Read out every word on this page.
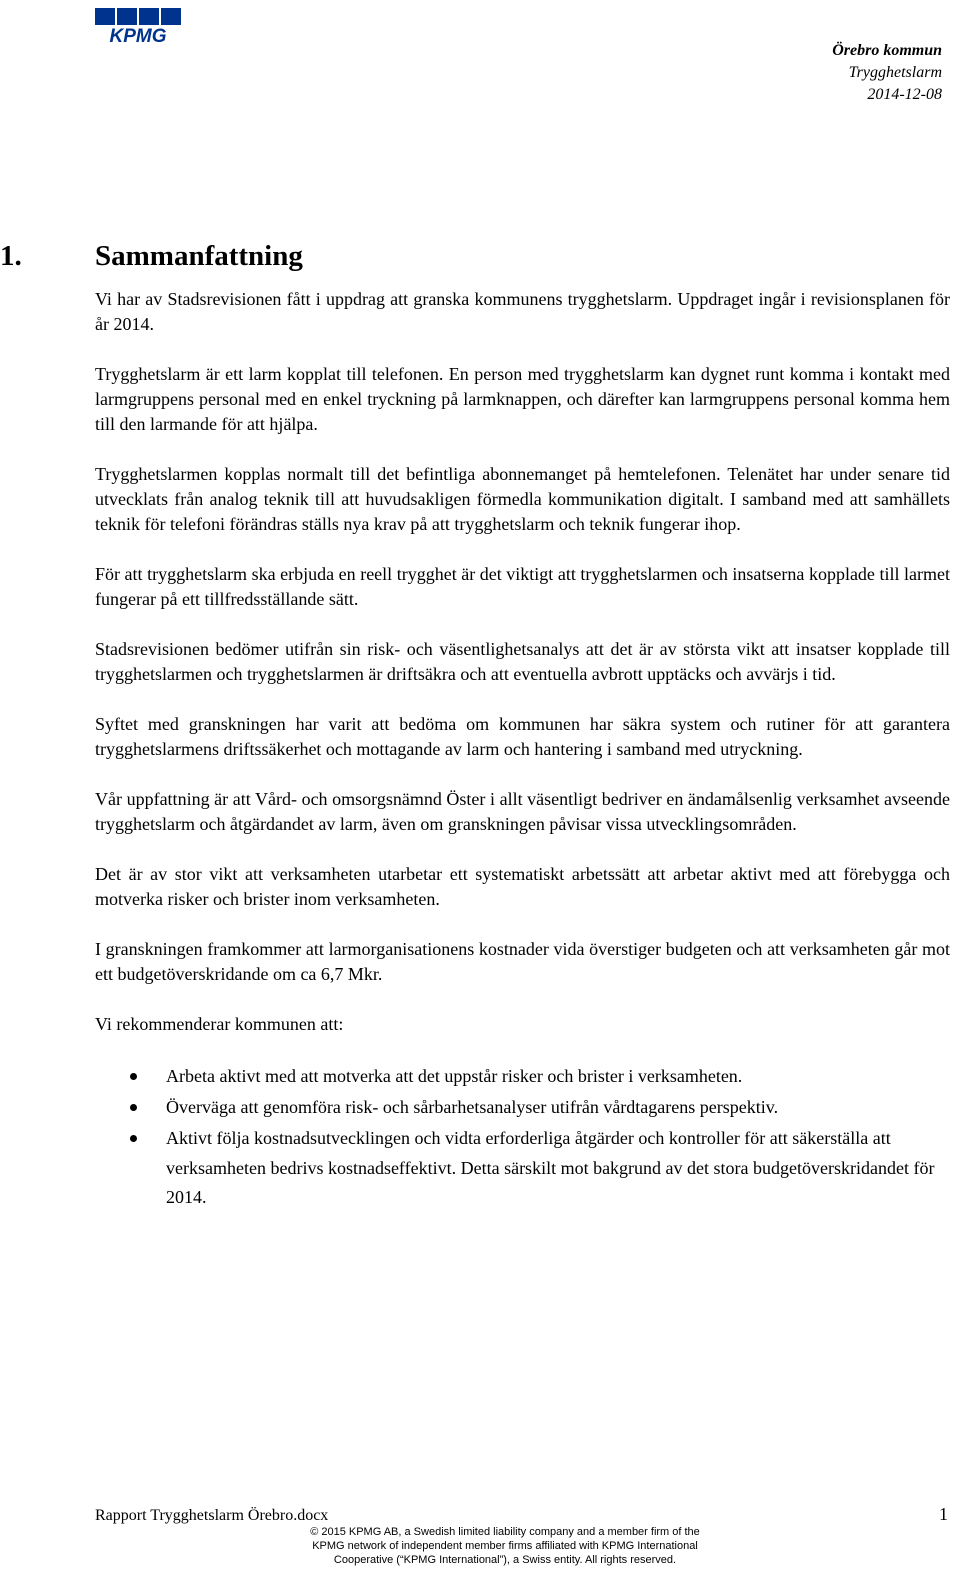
KPMG
Örebro kommun
Trygghetslarm
2014-12-08
1.	Sammanfattning

Vi har av Stadsrevisionen fått i uppdrag att granska kommunens trygghetslarm. Uppdraget ingår i revisionsplanen för år 2014.

Trygghetslarm är ett larm kopplat till telefonen. En person med trygghetslarm kan dygnet runt komma i kontakt med larmgruppens personal med en enkel tryckning på larmknappen, och därefter kan larmgruppens personal komma hem till den larmande för att hjälpa.

Trygghetslarmen kopplas normalt till det befintliga abonnemanget på hemtelefonen. Telenätet har under senare tid utvecklats från analog teknik till att huvudsakligen förmedla kommunikation digitalt. I samband med att samhällets teknik för telefoni förändras ställs nya krav på att trygghetslarm och teknik fungerar ihop.

För att trygghetslarm ska erbjuda en reell trygghet är det viktigt att trygghetslarmen och insatserna kopplade till larmet fungerar på ett tillfredsställande sätt.

Stadsrevisionen bedömer utifrån sin risk- och väsentlighetsanalys att det är av största vikt att insatser kopplade till trygghetslarmen och trygghetslarmen är driftsäkra och att eventuella avbrott upptäcks och avvärjs i tid.

Syftet med granskningen har varit att bedöma om kommunen har säkra system och rutiner för att garantera trygghetslarmens driftssäkerhet och mottagande av larm och hantering i samband med utryckning.

Vår uppfattning är att Vård- och omsorgsnämnd Öster i allt väsentligt bedriver en ändamålsenlig verksamhet avseende trygghetslarm och åtgärdandet av larm, även om granskningen påvisar vissa utvecklingsområden.

Det är av stor vikt att verksamheten utarbetar ett systematiskt arbetssätt att arbetar aktivt med att förebygga och motverka risker och brister inom verksamheten.

I granskningen framkommer att larmorganisationens kostnader vida överstiger budgeten och att verksamheten går mot ett budgetöverskridande om ca 6,7 Mkr.

Vi rekommenderar kommunen att:

Arbeta aktivt med att motverka att det uppstår risker och brister i verksamheten.
Överväga att genomföra risk- och sårbarhetsanalyser utifrån vårdtagarens perspektiv.
Aktivt följa kostnadsutvecklingen och vidta erforderliga åtgärder och kontroller för att säkerställa att verksamheten bedrivs kostnadseffektivt. Detta särskilt mot bakgrund av det stora budgetöverskridandet för 2014.
Rapport Trygghetslarm Örebro.docx	1
© 2015 KPMG AB, a Swedish limited liability company and a member firm of the
KPMG network of independent member firms affiliated with KPMG International
Cooperative (“KPMG International”), a Swiss entity. All rights reserved.
